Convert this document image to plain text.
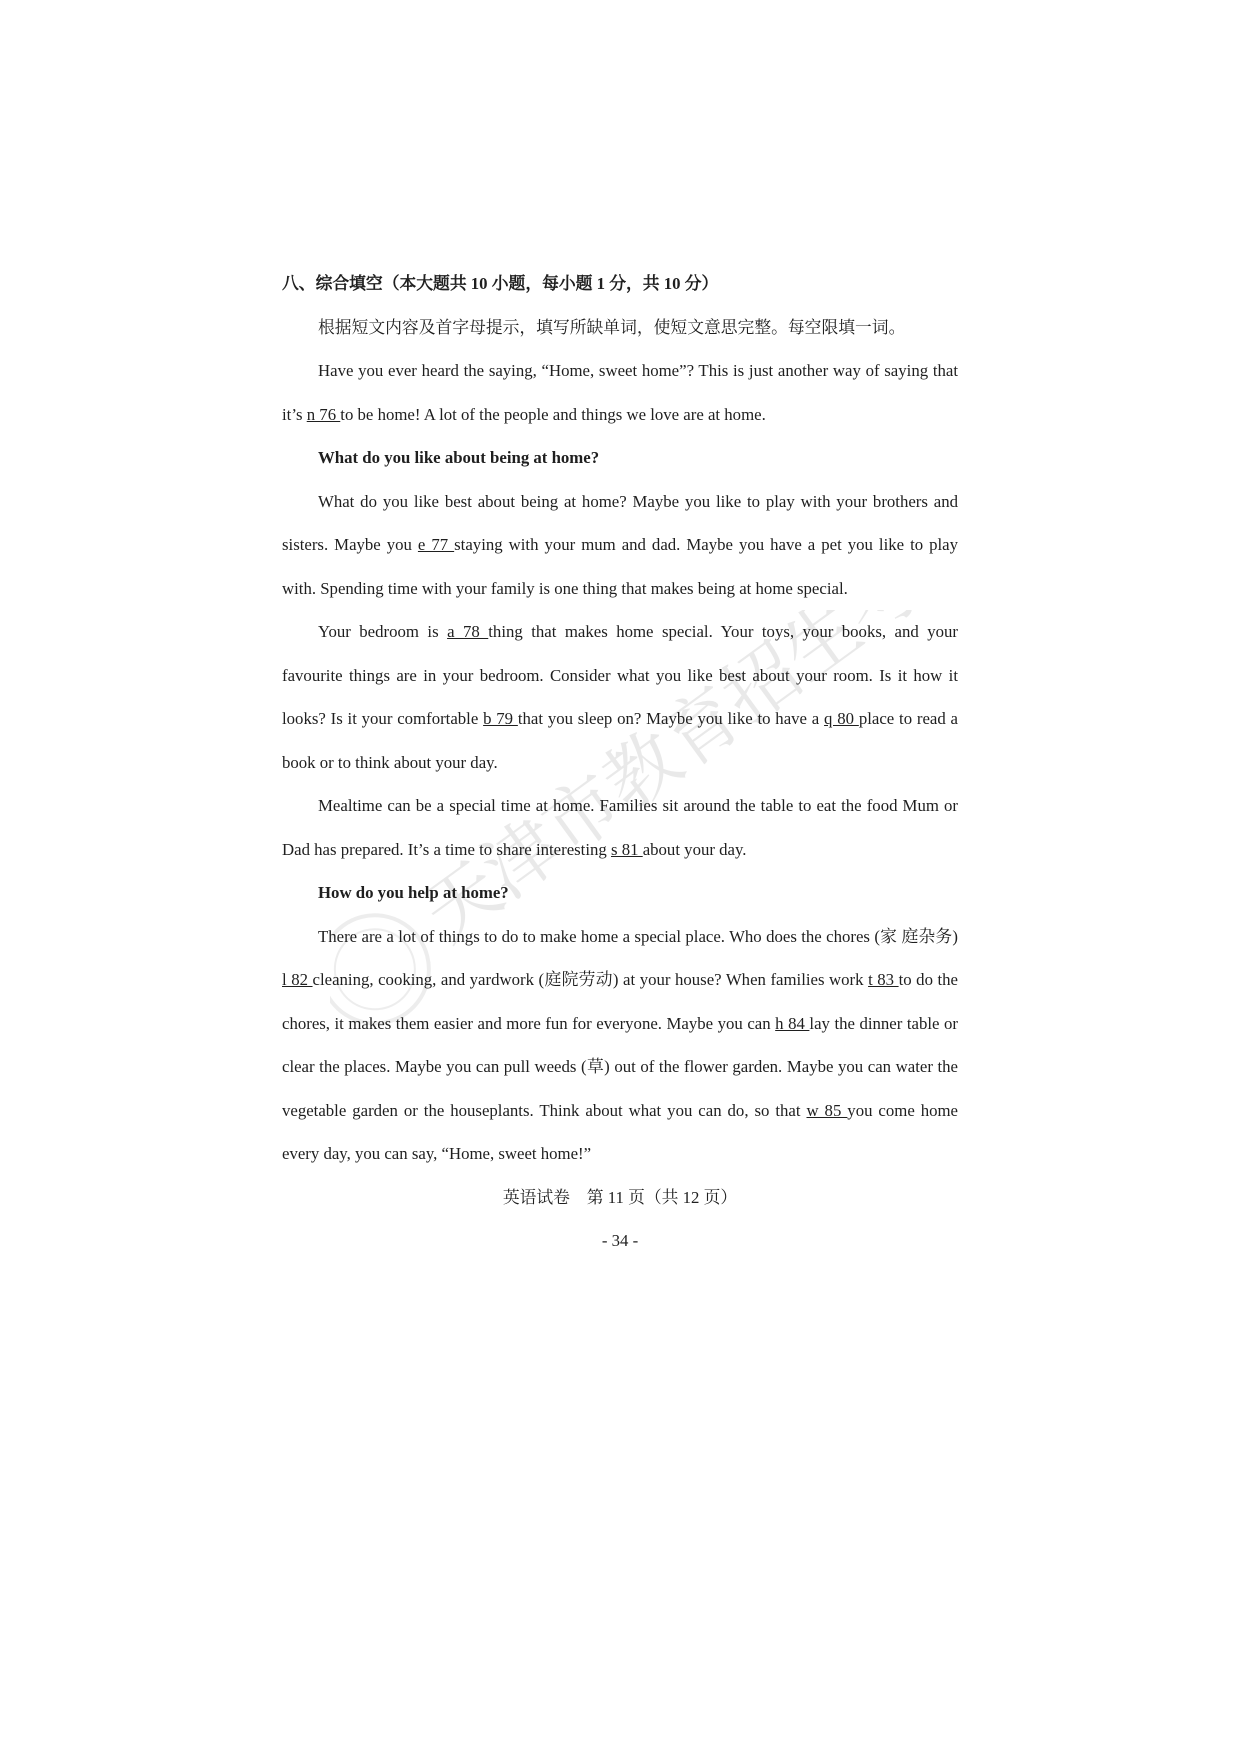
天津市教育招生考试院
八、综合填空（本大题共 10 小题，每小题 1 分，共 10 分）
根据短文内容及首字母提示，填写所缺单词，使短文意思完整。每空限填一词。
Have you ever heard the saying, “Home, sweet home”? This is just another way of saying that it’s n 76 to be home! A lot of the people and things we love are at home.
What do you like about being at home?
What do you like best about being at home? Maybe you like to play with your brothers and sisters. Maybe you e 77 staying with your mum and dad. Maybe you have a pet you like to play with. Spending time with your family is one thing that makes being at home special.
Your bedroom is a 78 thing that makes home special. Your toys, your books, and your favourite things are in your bedroom. Consider what you like best about your room. Is it how it looks? Is it your comfortable b 79 that you sleep on? Maybe you like to have a q 80 place to read a book or to think about your day.
Mealtime can be a special time at home. Families sit around the table to eat the food Mum or Dad has prepared. It’s a time to share interesting s 81 about your day.
How do you help at home?
There are a lot of things to do to make home a special place. Who does the chores (家 庭杂务) l 82 cleaning, cooking, and yardwork (庭院劳动) at your house? When families work t 83 to do the chores, it makes them easier and more fun for everyone. Maybe you can h 84 lay the dinner table or clear the places. Maybe you can pull weeds (草) out of the flower garden. Maybe you can water the vegetable garden or the houseplants. Think about what you can do, so that w 85 you come home every day, you can say, “Home, sweet home!”
英语试卷　第 11 页（共 12 页）
- 34 -
